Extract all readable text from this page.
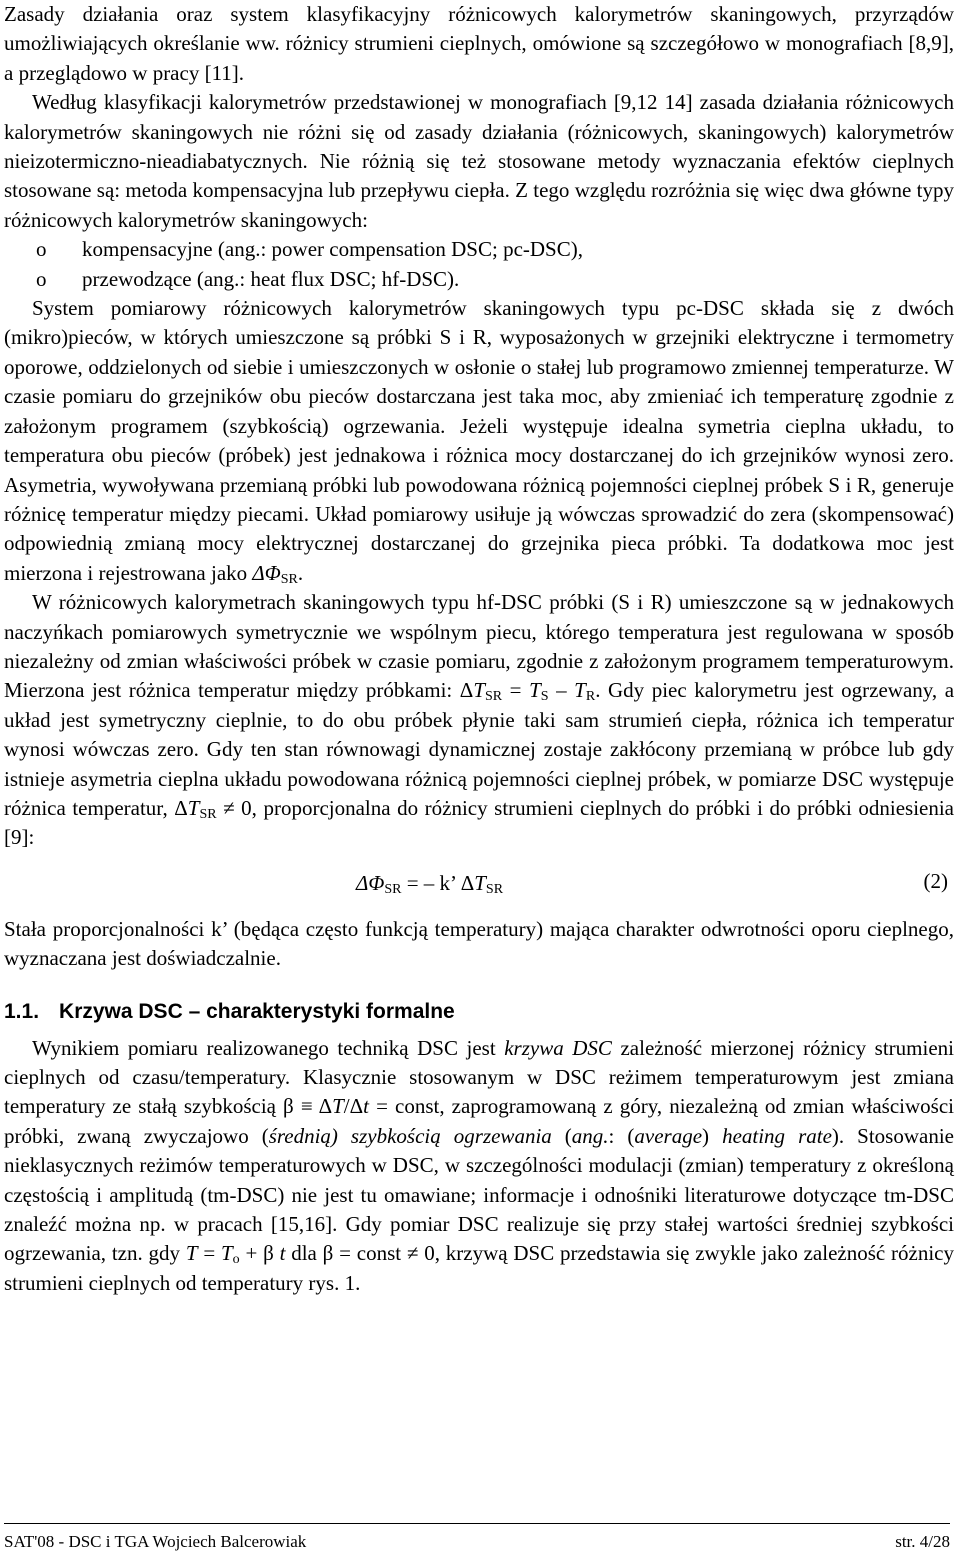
Zasady działania oraz system klasyfikacyjny różnicowych kalorymetrów skaningowych, przyrządów umożliwiających określanie ww. różnicy strumieni cieplnych, omówione są szczegółowo w monografiach [8,9], a przeglądowo w pracy [11].

Według klasyfikacji kalorymetrów przedstawionej w monografiach [9,12 14] zasada działania różnicowych kalorymetrów skaningowych nie różni się od zasady działania (różnicowych, skaningowych) kalorymetrów nieizotermiczno-nieadiabatycznych. Nie różnią się też stosowane metody wyznaczania efektów cieplnych stosowane są: metoda kompensacyjna lub przepływu ciepła. Z tego względu rozróżnia się więc dwa główne typy różnicowych kalorymetrów skaningowych:

o	kompensacyjne (ang.: power compensation DSC; pc-DSC),
o	przewodzące (ang.: heat flux DSC; hf-DSC).

System pomiarowy różnicowych kalorymetrów skaningowych typu pc-DSC składa się z dwóch (mikro)pieców, w których umieszczone są próbki S i R, wyposażonych w grzejniki elektryczne i termometry oporowe, oddzielonych od siebie i umieszczonych w osłonie o stałej lub programowo zmiennej temperaturze. W czasie pomiaru do grzejników obu pieców dostarczana jest taka moc, aby zmieniać ich temperaturę zgodnie z założonym programem (szybkością) ogrzewania. Jeżeli występuje idealna symetria cieplna układu, to temperatura obu pieców (próbek) jest jednakowa i różnica mocy dostarczanej do ich grzejników wynosi zero. Asymetria, wywoływana przemianą próbki lub powodowana różnicą pojemności cieplnej próbek S i R, generuje różnicę temperatur między piecami. Układ pomiarowy usiłuje ją wówczas sprowadzić do zera (skompensować) odpowiednią zmianą mocy elektrycznej dostarczanej do grzejnika pieca próbki. Ta dodatkowa moc jest mierzona i rejestrowana jako $\Delta\Phi_{SR}$.

W różnicowych kalorymetrach skaningowych typu hf-DSC próbki (S i R) umieszczone są w jednakowych naczyńkach pomiarowych symetrycznie we wspólnym piecu, którego temperatura jest regulowana w sposób niezależny od zmian właściwości próbek w czasie pomiaru, zgodnie z założonym programem temperaturowym. Mierzona jest różnica temperatur między próbkami: $\Delta T_{SR} = T_S - T_R$. Gdy piec kalorymetru jest ogrzewany, a układ jest symetryczny cieplnie, to do obu próbek płynie taki sam strumień ciepła, różnica ich temperatur wynosi wówczas zero. Gdy ten stan równowagi dynamicznej zostaje zakłócony przemianą w próbce lub gdy istnieje asymetria cieplna układu powodowana różnicą pojemności cieplnej próbek, w pomiarze DSC występuje różnica temperatur, $\Delta T_{SR} \ne 0$, proporcjonalna do różnicy strumieni cieplnych do próbki i do próbki odniesienia [9]:

$\Delta\Phi_{SR}$ = – k’ $\Delta T_{SR}$	(2)

Stała proporcjonalności k’ (będąca często funkcją temperatury) mająca charakter odwrotności oporu cieplnego, wyznaczana jest doświadczalnie.

1.1. Krzywa DSC – charakterystyki formalne

Wynikiem pomiaru realizowanego techniką DSC jest krzywa DSC zależność mierzonej różnicy strumieni cieplnych od czasu/temperatury. Klasycznie stosowanym w DSC reżimem temperaturowym jest zmiana temperatury ze stałą szybkością β ≡ ΔT/Δt = const, zaprogramowaną z góry, niezależną od zmian właściwości próbki, zwaną zwyczajowo (średnią) szybkością ogrzewania (ang.: (average) heating rate). Stosowanie nieklasycznych reżimów temperaturowych w DSC, w szczególności modulacji (zmian) temperatury z określoną częstością i amplitudą (tm-DSC) nie jest tu omawiane; informacje i odnośniki literaturowe dotyczące tm-DSC znaleźć można np. w pracach [15,16]. Gdy pomiar DSC realizuje się przy stałej wartości średniej szybkości ogrzewania, tzn. gdy $T = T_o + \beta$ t dla β = const ≠ 0, krzywą DSC przedstawia się zwykle jako zależność różnicy strumieni cieplnych od temperatury rys. 1.

SAT'08 - DSC i TGA Wojciech Balcerowiak	str. 4/28
